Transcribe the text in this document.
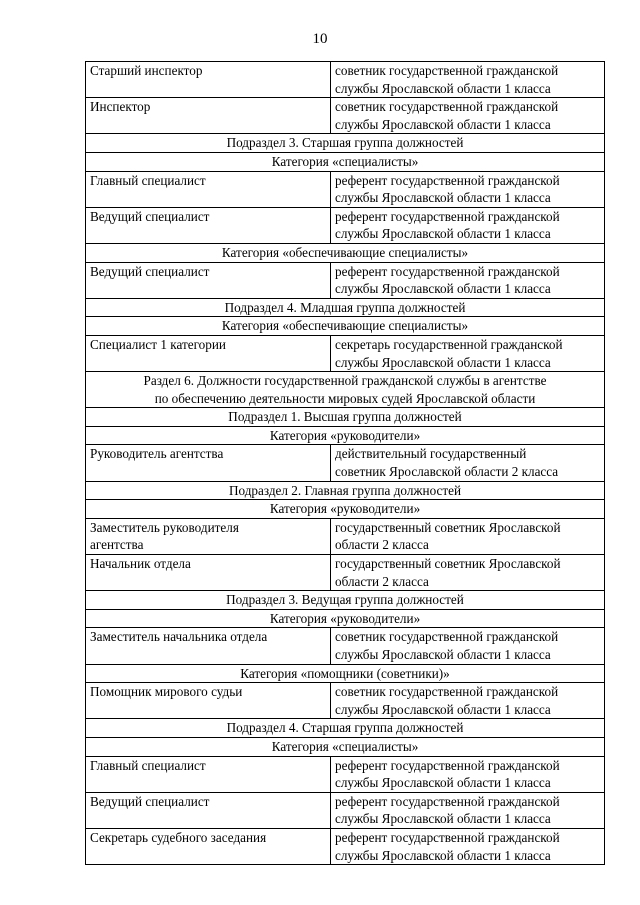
10
Старший инспектор	советник государственной гражданской
службы Ярославской области 1 класса
Инспектор	советник государственной гражданской
службы Ярославской области 1 класса
Подраздел 3. Старшая группа должностей	
Категория «специалисты»	
Главный специалист	референт государственной гражданской
службы Ярославской области 1 класса
Ведущий специалист	референт государственной гражданской
службы Ярославской области 1 класса
Категория «обеспечивающие специалисты»	
Ведущий специалист	референт государственной гражданской
службы Ярославской области 1 класса
Подраздел 4. Младшая группа должностей	
Категория «обеспечивающие специалисты»	
Специалист 1 категории	секретарь государственной гражданской
службы Ярославской области 1 класса
Раздел 6. Должности государственной гражданской службы в агентстве
по обеспечению деятельности мировых судей Ярославской области	
Подраздел 1. Высшая группа должностей	
Категория «руководители»	
Руководитель агентства	действительный государственный
советник Ярославской области 2 класса
Подраздел 2. Главная группа должностей	
Категория «руководители»	
Заместитель руководителя
агентства	государственный советник Ярославской
области 2 класса
Начальник отдела	государственный советник Ярославской
области 2 класса
Подраздел 3. Ведущая группа должностей	
Категория «руководители»	
Заместитель начальника отдела	советник государственной гражданской
службы Ярославской области 1 класса
Категория «помощники (советники)»	
Помощник мирового судьи	советник государственной гражданской
службы Ярославской области 1 класса
Подраздел 4. Старшая группа должностей	
Категория «специалисты»	
Главный специалист	референт государственной гражданской
службы Ярославской области 1 класса
Ведущий специалист	референт государственной гражданской
службы Ярославской области 1 класса
Секретарь судебного заседания	референт государственной гражданской
службы Ярославской области 1 класса
